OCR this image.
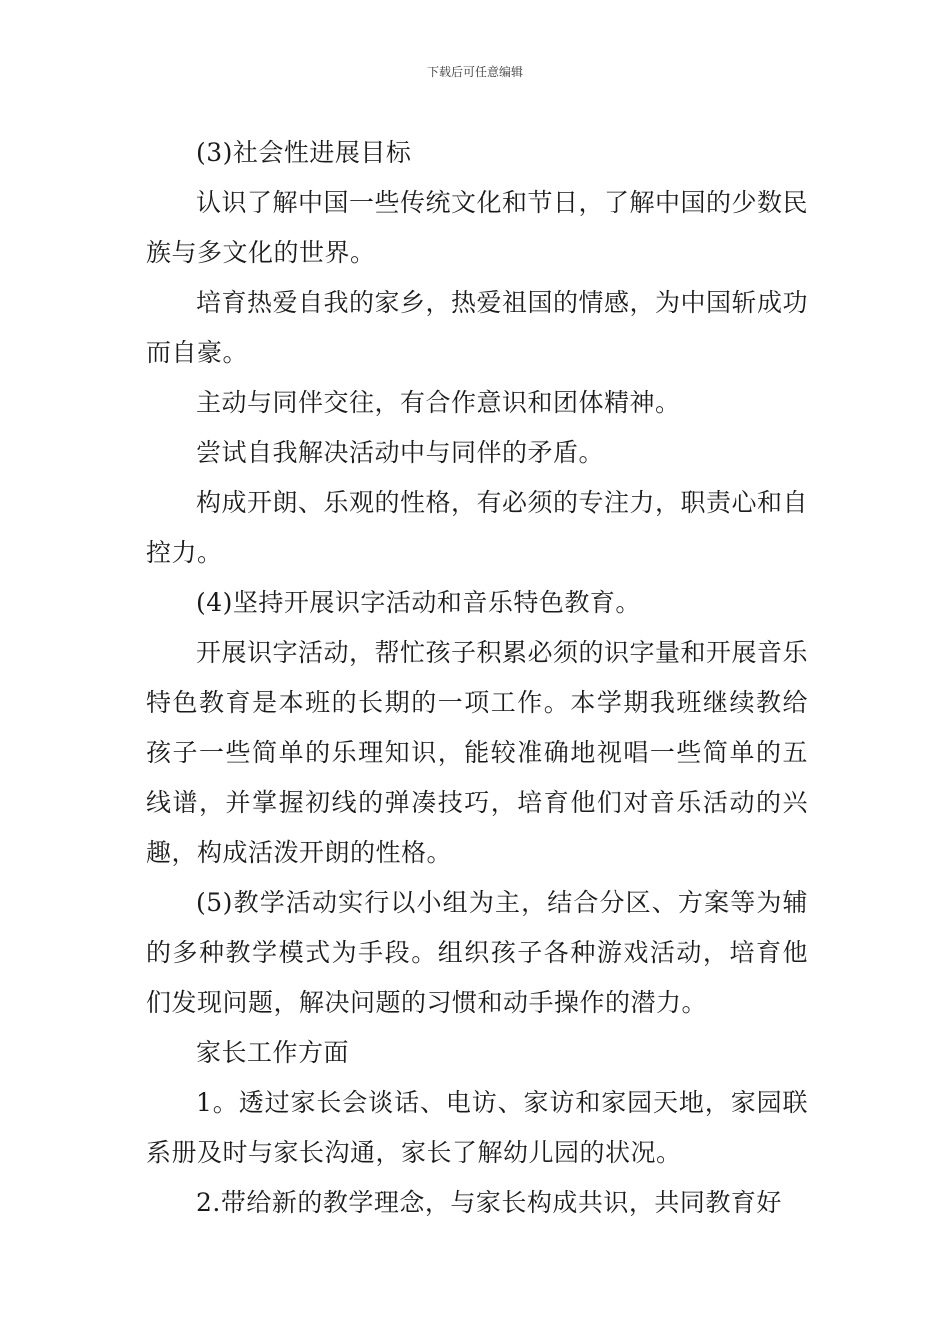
下载后可任意编辑

(3)社会性进展目标

认识了解中国一些传统文化和节日，了解中国的少数民族与多文化的世界。

培育热爱自我的家乡，热爱祖国的情感，为中国斩成功而自豪。

主动与同伴交往，有合作意识和团体精神。

尝试自我解决活动中与同伴的矛盾。

构成开朗、乐观的性格，有必须的专注力，职责心和自控力。

(4)坚持开展识字活动和音乐特色教育。

开展识字活动，帮忙孩子积累必须的识字量和开展音乐特色教育是本班的长期的一项工作。本学期我班继续教给孩子一些简单的乐理知识，能较准确地视唱一些简单的五线谱，并掌握初线的弹凑技巧，培育他们对音乐活动的兴趣，构成活泼开朗的性格。

(5)教学活动实行以小组为主，结合分区、方案等为辅的多种教学模式为手段。组织孩子各种游戏活动，培育他们发现问题，解决问题的习惯和动手操作的潜力。

家长工作方面

1。透过家长会谈话、电访、家访和家园天地，家园联系册及时与家长沟通，家长了解幼儿园的状况。

2.带给新的教学理念，与家长构成共识，共同教育好
